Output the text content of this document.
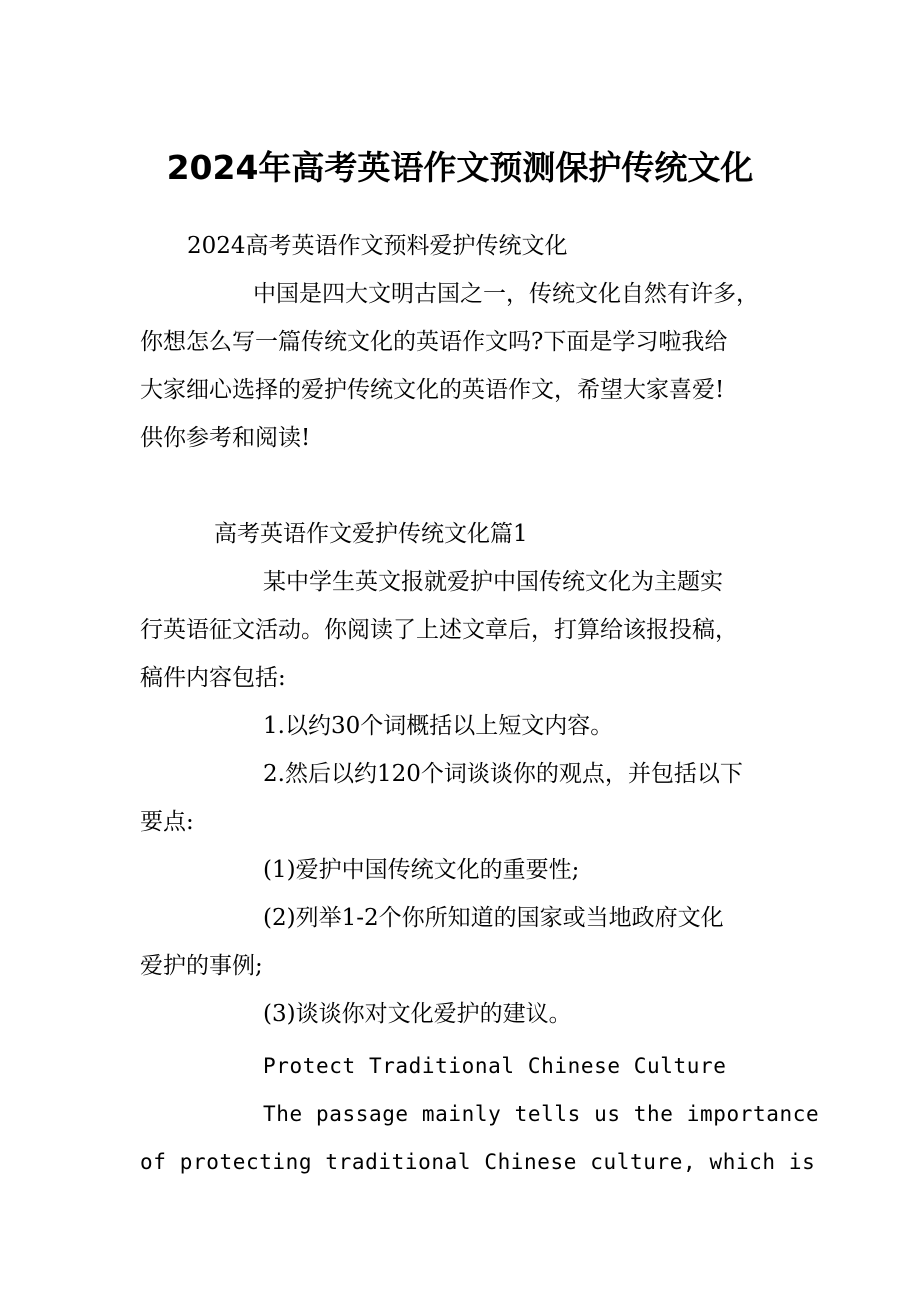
2024年高考英语作文预测保护传统文化
2024高考英语作文预料爱护传统文化
中国是四大文明古国之一，传统文化自然有许多，
你想怎么写一篇传统文化的英语作文吗?下面是学习啦我给
大家细心选择的爱护传统文化的英语作文，希望大家喜爱!
供你参考和阅读!
高考英语作文爱护传统文化篇1
某中学生英文报就爱护中国传统文化为主题实
行英语征文活动。你阅读了上述文章后，打算给该报投稿，
稿件内容包括:
1.以约30个词概括以上短文内容。
2.然后以约120个词谈谈你的观点，并包括以下
要点:
(1)爱护中国传统文化的重要性;
(2)列举1-2个你所知道的国家或当地政府文化
爱护的事例;
(3)谈谈你对文化爱护的建议。
Protect Traditional Chinese Culture
The passage mainly tells us the importance
of protecting traditional Chinese culture, which is
